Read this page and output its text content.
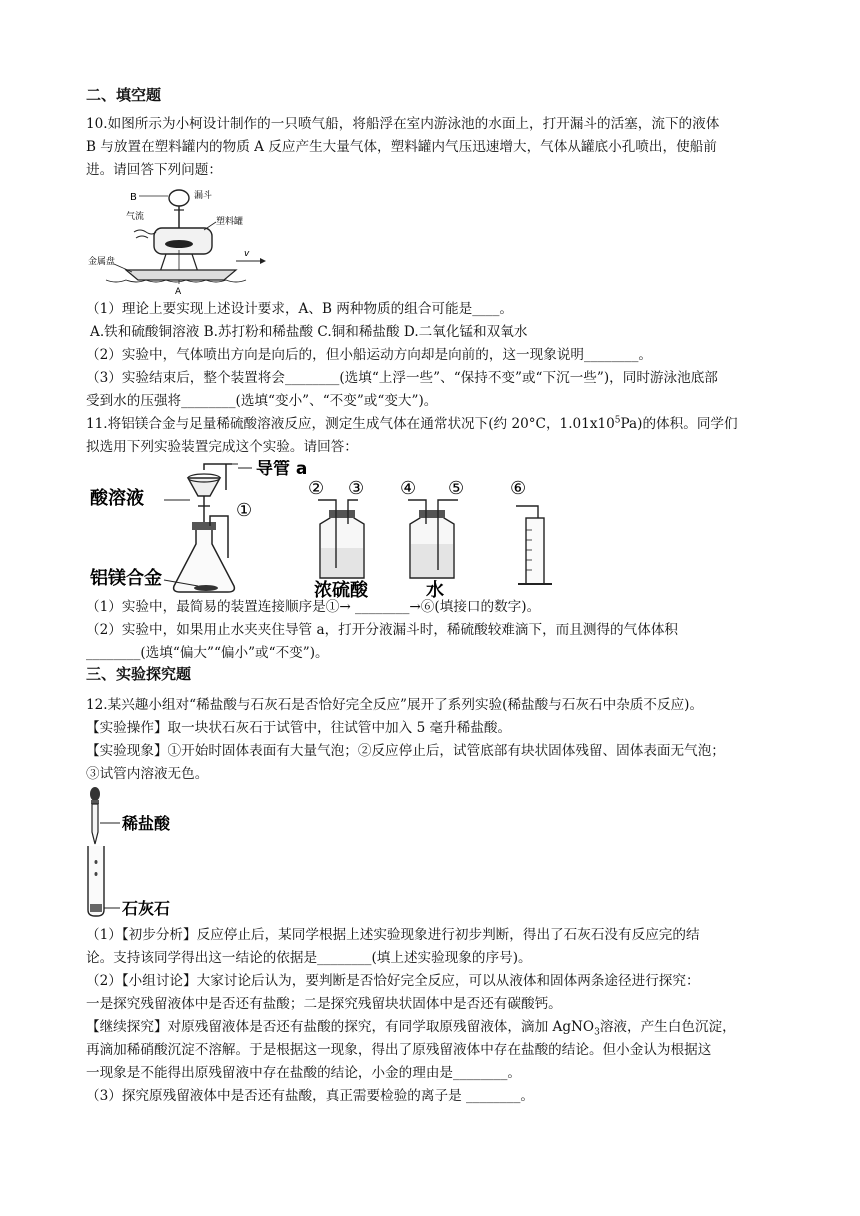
二、填空题
10.如图所示为小柯设计制作的一只喷气船，将船浮在室内游泳池的水面上，打开漏斗的活塞，流下的液体
B 与放置在塑料罐内的物质 A 反应产生大量气体，塑料罐内气压迅速增大，气体从罐底小孔喷出，使船前
进。请回答下列问题：
B	漏斗
塑料罐
气流
金属盘
v
A
（1）理论上要实现上述设计要求，A、B 两种物质的组合可能是____。
A.铁和硫酸铜溶液 B.苏打粉和稀盐酸 C.铜和稀盐酸 D.二氧化锰和双氧水
（2）实验中，气体喷出方向是向后的，但小船运动方向却是向前的，这一现象说明________。
（3）实验结束后，整个装置将会________(选填“上浮一些”、“保持不变”或“下沉一些”)，同时游泳池底部
受到水的压强将________(选填“变小”、“不变”或“变大”)。
11.将铝镁合金与足量稀硫酸溶液反应，测定生成气体在通常状况下(约 20°C，$1.01x10^5Pa$)的体积。同学们
拟选用下列实验装置完成这个实验。请回答：
导管 a
酸溶液
①
铝镁合金
② ③
浓硫酸
④ ⑤
水
⑥
（1）实验中，最简易的装置连接顺序是①→ ________→⑥(填接口的数字)。
（2）实验中，如果用止水夹夹住导管 a，打开分液漏斗时，稀硫酸较难滴下，而且测得的气体体积
________(选填“偏大”“偏小”或“不变”)。
三、实验探究题
12.某兴趣小组对“稀盐酸与石灰石是否恰好完全反应”展开了系列实验(稀盐酸与石灰石中杂质不反应)。
【实验操作】取一块状石灰石于试管中，往试管中加入 5 毫升稀盐酸。
【实验现象】①开始时固体表面有大量气泡；②反应停止后，试管底部有块状固体残留、固体表面无气泡；
③试管内溶液无色。
稀盐酸
石灰石
（1）【初步分析】反应停止后，某同学根据上述实验现象进行初步判断，得出了石灰石没有反应完的结
论。支持该同学得出这一结论的依据是________(填上述实验现象的序号)。
（2）【小组讨论】大家讨论后认为，要判断是否恰好完全反应，可以从液体和固体两条途径进行探究：
一是探究残留液体中是否还有盐酸；二是探究残留块状固体中是否还有碳酸钙。
【继续探究】对原残留液体是否还有盐酸的探究，有同学取原残留液体，滴加 AgNO$_3$溶液，产生白色沉淀，
再滴加稀硝酸沉淀不溶解。于是根据这一现象，得出了原残留液体中存在盐酸的结论。但小金认为根据这
一现象是不能得出原残留液中存在盐酸的结论，小金的理由是________。
（3）探究原残留液体中是否还有盐酸，真正需要检验的离子是 ________。
